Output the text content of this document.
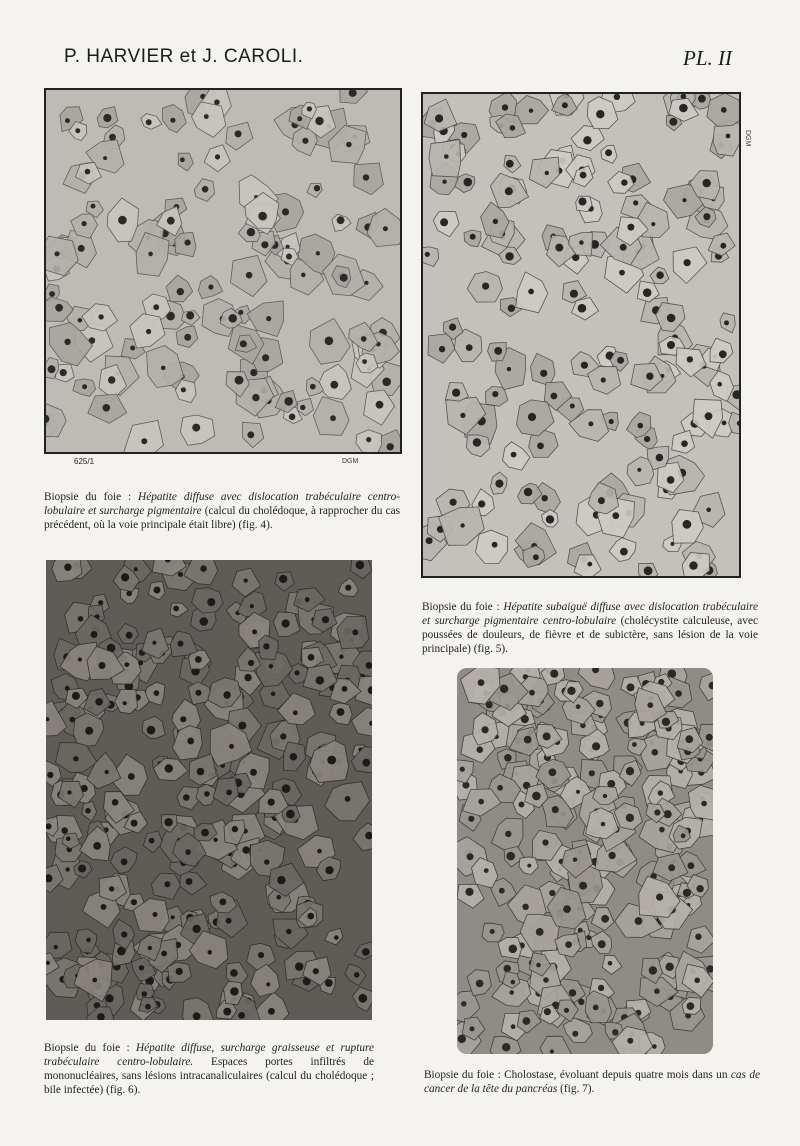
P. HARVIER et J. CAROLI.	PL. II
625/1	DGM
Biopsie du foie : Hépatite diffuse avec dislocation trabéculaire centro-lobulaire et surcharge pigmentaire (calcul du cholédoque, à rapprocher du cas précédent, où la voie principale était libre) (fig. 4).
DGM
Biopsie du foie : Hépatite subaiguë diffuse avec dislocation trabéculaire et surcharge pigmentaire centro-lobulaire (cholécystite calculeuse, avec poussées de douleurs, de fièvre et de subictère, sans lésion de la voie principale) (fig. 5).
Biopsie du foie : Hépatite diffuse, surcharge graisseuse et rupture trabéculaire centro-lobulaire. Espaces portes infiltrés de mononucléaires, sans lésions intracanaliculaires (calcul du cholédoque ; bile infectée) (fig. 6).
Biopsie du foie : Cholostase, évoluant depuis quatre mois dans un cas de cancer de la tête du pancréas (fig. 7).
